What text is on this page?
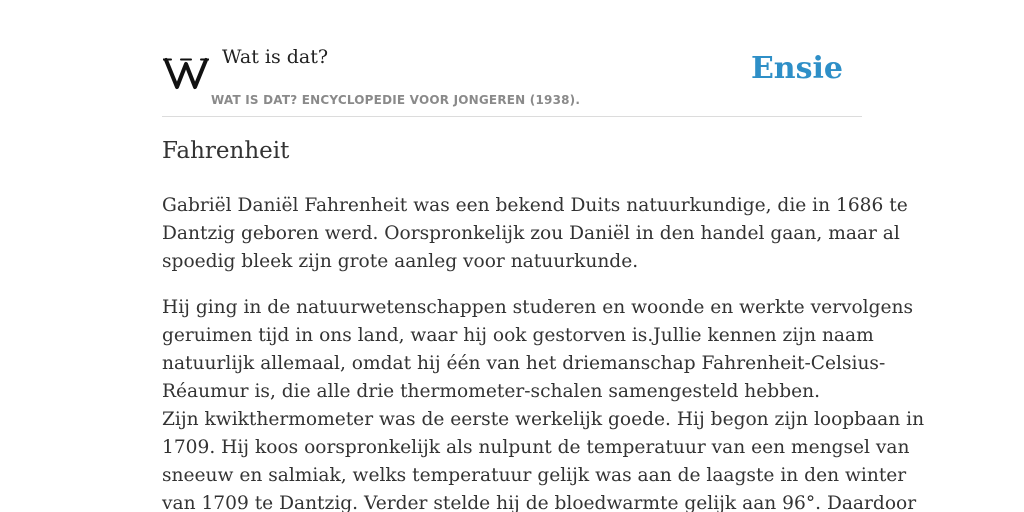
Wat is dat?
WAT IS DAT? ENCYCLOPEDIE VOOR JONGEREN (1938).
Ensie
Fahrenheit

Gabriël Daniël Fahrenheit was een bekend Duits natuurkundige, die in 1686 te
Dantzig geboren werd. Oorspronkelijk zou Daniël in den handel gaan, maar al
spoedig bleek zijn grote aanleg voor natuurkunde.

Hij ging in de natuurwetenschappen studeren en woonde en werkte vervolgens
geruimen tijd in ons land, waar hij ook gestorven is.Jullie kennen zijn naam
natuurlijk allemaal, omdat hij één van het driemanschap Fahrenheit-Celsius-
Réaumur is, die alle drie thermometer-schalen samengesteld hebben.
Zijn kwikthermometer was de eerste werkelijk goede. Hij begon zijn loopbaan in
1709. Hij koos oorspronkelijk als nulpunt de temperatuur van een mengsel van
sneeuw en salmiak, welks temperatuur gelijk was aan de laagste in den winter
van 1709 te Dantzig. Verder stelde hij de bloedwarmte gelijk aan 96°. Daardoor
